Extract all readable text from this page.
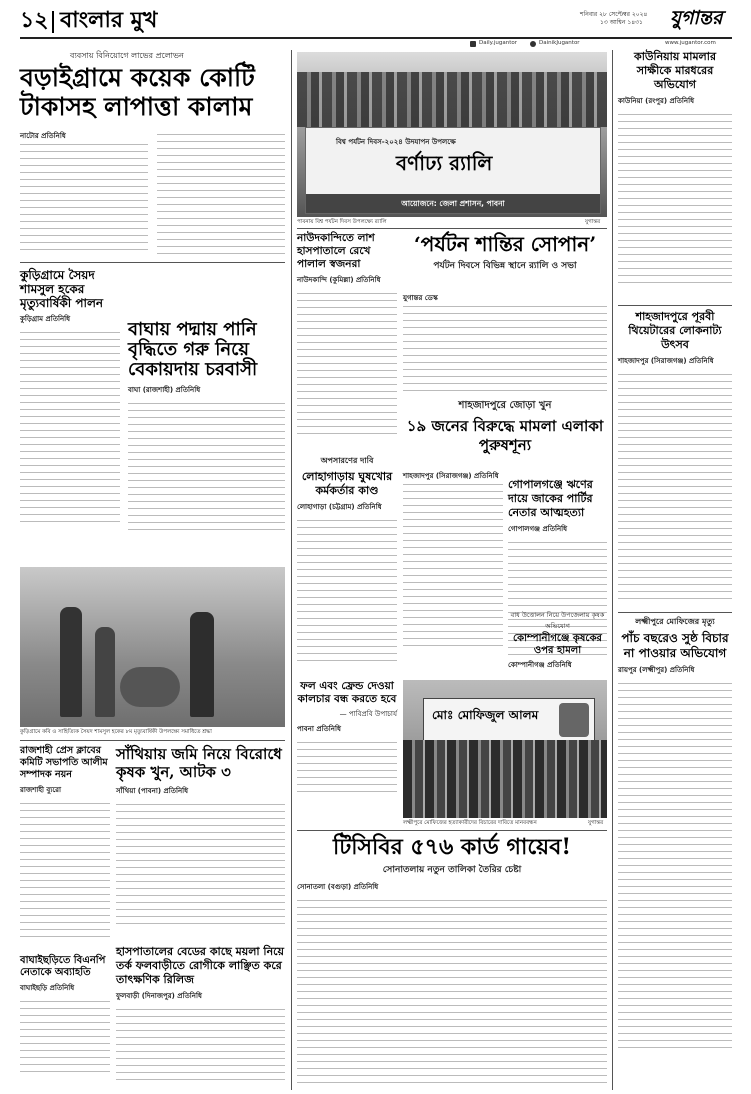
১২ বাংলার মুখ	শনিবার ২৮ সেপ্টেম্বর ২০২৪
১৩ আশ্বিন ১৪৩১ যুগান্তর
Daily.jugantor	DainikJugantor	www.jugantor.com
ব্যবসায় বিনিয়োগে লাভের প্রলোভন
বড়াইগ্রামে কয়েক কোটি টাকাসহ লাপাত্তা কালাম
নাটোর প্রতিনিধি
কুড়িগ্রামে সৈয়দ শামসুল হকের মৃত্যুবার্ষিকী পালন
কুড়িগ্রাম প্রতিনিধি	বাঘায় পদ্মায় পানি বৃদ্ধিতে গরু নিয়ে বেকায়দায় চরবাসী
বাঘা (রাজশাহী) প্রতিনিধি
কুড়িগ্রামে কবি ও সাহিত্যিক সৈয়দ শামসুল হকের ৮ম মৃত্যুবার্ষিকী উপলক্ষ্যে সমাধিতে শ্রদ্ধা
রাজশাহী প্রেস ক্লাবের কমিটি সভাপতি আলীম সম্পাদক নয়ন
রাজশাহী ব্যুরো
সাঁথিয়ায় জমি নিয়ে বিরোধে কৃষক খুন, আটক ৩
সাঁথিয়া (পাবনা) প্রতিনিধি
বাঘাইছড়িতে বিএনপি নেতাকে অব্যাহতি
বাঘাইছড়ি প্রতিনিধি
হাসপাতালের বেডের কাছে ময়লা নিয়ে তর্ক ফলবাড়ীতে রোগীকে লাঞ্ছিত করে তাৎক্ষণিক রিলিজ
ফুলবাড়ী (দিনাজপুর) প্রতিনিধি
বিশ্ব পর্যটন দিবস-২০২৪ উদযাপন উপলক্ষে
বর্ণাঢ্য র‍্যালি
আয়োজনে: জেলা প্রশাসন, পাবনা
পাবনায় বিশ্ব পর্যটন দিবস উপলক্ষ্যে র‍্যালি	যুগান্তর
নাউদকান্দিতে লাশ হাসপাতালে রেখে পালাল স্বজনরা
নাউদকান্দি (কুমিল্লা) প্রতিনিধি
‘পর্যটন শান্তির সোপান’
পর্যটন দিবসে বিভিন্ন স্থানে র‍্যালি ও সভা
যুগান্তর ডেস্ক
শাহজাদপুরে জোড়া খুন
১৯ জনের বিরুদ্ধে মামলা এলাকা পুরুষশূন্য
শাহজাদপুর (সিরাজগঞ্জ) প্রতিনিধি
গোপালগঞ্জে ঋণের দায়ে জাকের পার্টির নেতার আত্মহত্যা
গোপালগঞ্জ প্রতিনিধি
অপসারণের দাবি
লোহাগাড়ায় ঘুষখোর কর্মকর্তার কাণ্ড
লোহাগাড়া (চট্টগ্রাম) প্রতিনিধি
ফল এবং ফ্রেন্ড দেওয়া কালচার বন্ধ করতে হবে
— পাবিপ্রবি উপাচার্য
পাবনা প্রতিনিধি
মোঃ মোফিজুল আলম
লক্ষ্মীপুরে মোফিজের হত্যাকারীদের বিচারের দাবিতে মানববন্ধন	যুগান্তর
টিসিবির ৫৭৬ কার্ড গায়েব!
সোনাতলায় নতুন তালিকা তৈরির চেষ্টা
সোনাতলা (বগুড়া) প্রতিনিধি
কাউনিয়ায় মামলার সাক্ষীকে মারধরের অভিযোগ
কাউনিয়া (রংপুর) প্রতিনিধি
শাহজাদপুরে পূরবী থিয়েটারের লোকনাট্য উৎসব
শাহজাদপুর (সিরাজগঞ্জ) প্রতিনিধি
লক্ষ্মীপুরে মোফিজের মৃত্যু
পাঁচ বছরেও সুষ্ঠ বিচার না পাওয়ার অভিযোগ
রায়পুর (লক্ষ্মীপুর) প্রতিনিধি
বাধ উত্তোলন নিয়ে উপজেলায় কৃষক অভিযোগ
কোম্পানীগঞ্জে কৃষকের ওপর হামলা
কোম্পানীগঞ্জ প্রতিনিধি
